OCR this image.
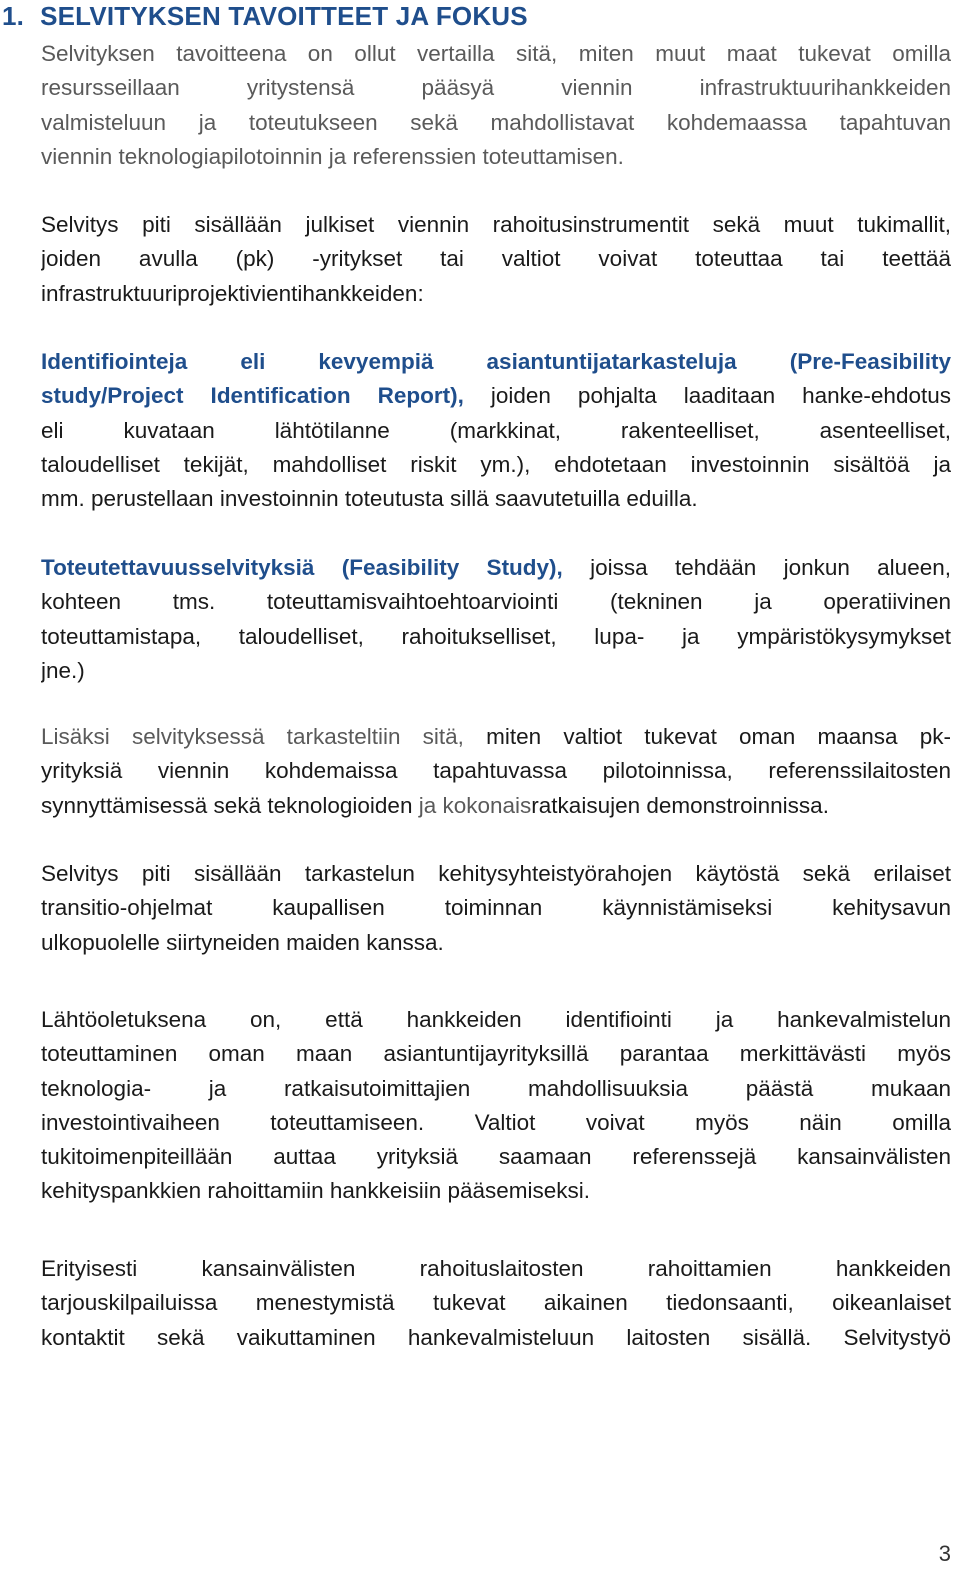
1. SELVITYKSEN TAVOITTEET JA FOKUS
Selvityksen tavoitteena on ollut vertailla sitä, miten muut maat tukevat omilla
resursseillaan yritystensä pääsyä viennin infrastruktuurihankkeiden
valmisteluun ja toteutukseen sekä mahdollistavat kohdemaassa tapahtuvan
viennin teknologiapilotoinnin ja referenssien toteuttamisen.
Selvitys piti sisällään julkiset viennin rahoitusinstrumentit sekä muut tukimallit,
joiden avulla (pk) -yritykset tai valtiot voivat toteuttaa tai teettää
infrastruktuuriprojektivientihankkeiden:
Identifiointeja eli kevyempiä asiantuntijatarkasteluja (Pre-Feasibility
study/Project Identification Report), joiden pohjalta laaditaan hanke-ehdotus
eli kuvataan lähtötilanne (markkinat, rakenteelliset, asenteelliset,
taloudelliset tekijät, mahdolliset riskit ym.), ehdotetaan investoinnin sisältöä ja
mm. perustellaan investoinnin toteutusta sillä saavutetuilla eduilla.
Toteutettavuusselvityksiä (Feasibility Study), joissa tehdään jonkun alueen,
kohteen tms. toteuttamisvaihtoehtoarviointi (tekninen ja operatiivinen
toteuttamistapa, taloudelliset, rahoitukselliset, lupa- ja ympäristökysymykset
jne.)
Lisäksi selvityksessä tarkasteltiin sitä, miten valtiot tukevat oman maansa pk-
yrityksiä viennin kohdemaissa tapahtuvassa pilotoinnissa, referenssilaitosten
synnyttämisessä sekä teknologioiden ja kokonaisratkaisujen demonstroinnissa.
Selvitys piti sisällään tarkastelun kehitysyhteistyörahojen käytöstä sekä erilaiset
transitio-ohjelmat kaupallisen toiminnan käynnistämiseksi kehitysavun
ulkopuolelle siirtyneiden maiden kanssa.
Lähtöoletuksena on, että hankkeiden identifiointi ja hankevalmistelun
toteuttaminen oman maan asiantuntijayrityksillä parantaa merkittävästi myös
teknologia- ja ratkaisutoimittajien mahdollisuuksia päästä mukaan
investointivaiheen toteuttamiseen. Valtiot voivat myös näin omilla
tukitoimenpiteillään auttaa yrityksiä saamaan referenssejä kansainvälisten
kehityspankkien rahoittamiin hankkeisiin pääsemiseksi.
Erityisesti kansainvälisten rahoituslaitosten rahoittamien hankkeiden
tarjouskilpailuissa menestymistä tukevat aikainen tiedonsaanti, oikeanlaiset
kontaktit sekä vaikuttaminen hankevalmisteluun laitosten sisällä. Selvitystyö
3
